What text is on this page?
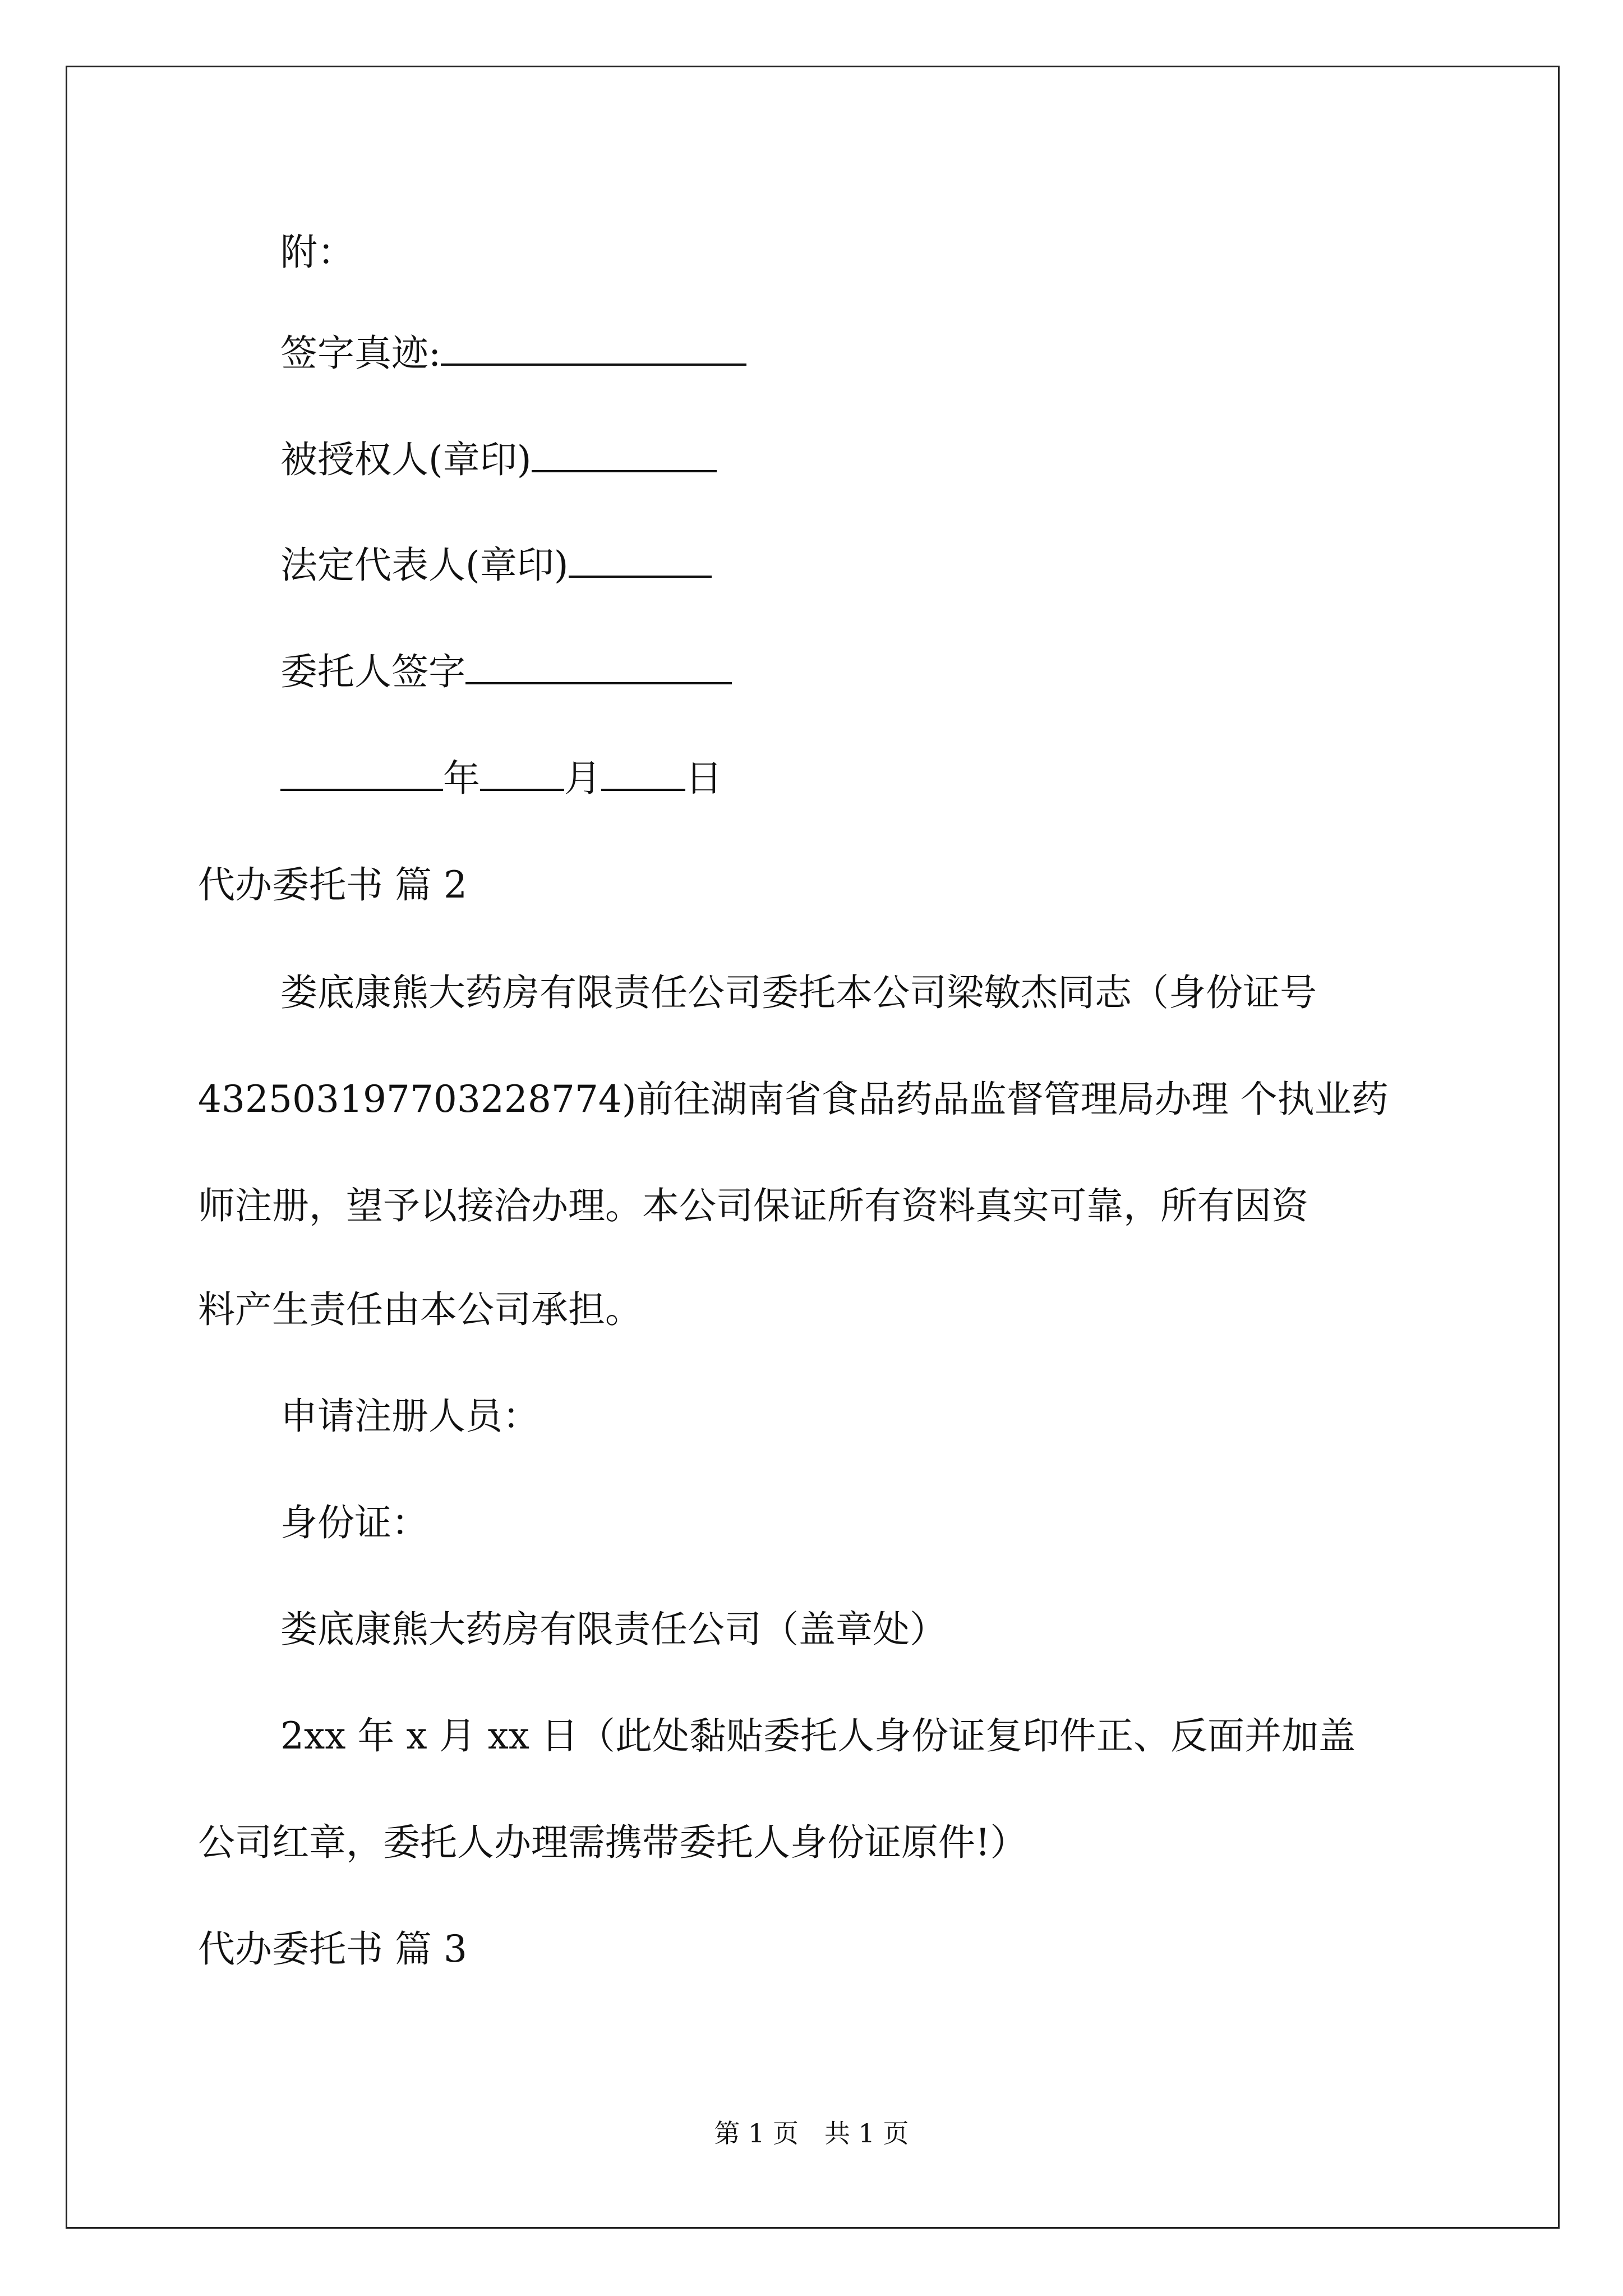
附：
签字真迹:
被授权人(章印)
法定代表人(章印)
委托人签字
年 月 日
代办委托书 篇 2
娄底康熊大药房有限责任公司委托本公司梁敏杰同志（身份证号
432503197703228774)前往湖南省食品药品监督管理局办理 个执业药
师注册，望予以接洽办理。本公司保证所有资料真实可靠，所有因资
料产生责任由本公司承担。
申请注册人员：
身份证：
娄底康熊大药房有限责任公司（盖章处）
2xx 年 x 月 xx 日（此处黏贴委托人身份证复印件正、反面并加盖
公司红章，委托人办理需携带委托人身份证原件!）
代办委托书 篇 3
第 1 页　共 1 页
